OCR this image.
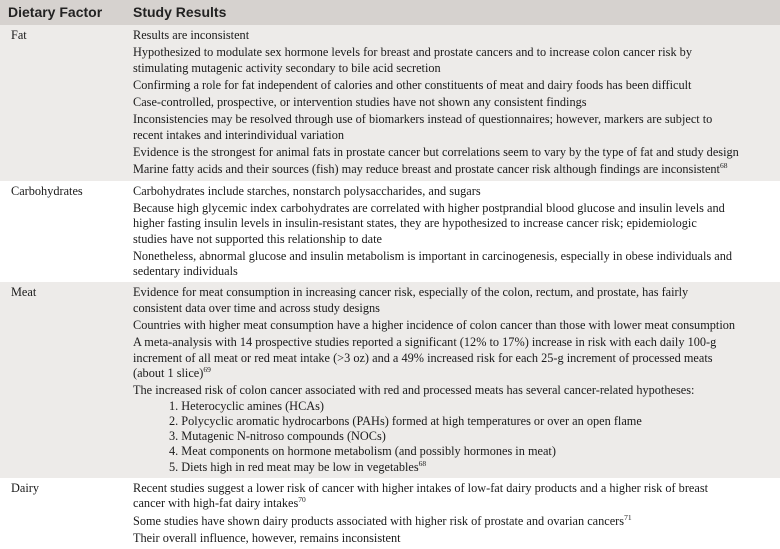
Dietary Factor Study Results
Fat	Results are inconsistent
Hypothesized to modulate sex hormone levels for breast and prostate cancers and to increase colon cancer risk by
stimulating mutagenic activity secondary to bile acid secretion
Confirming a role for fat independent of calories and other constituents of meat and dairy foods has been difficult
Case-controlled, prospective, or intervention studies have not shown any consistent findings
Inconsistencies may be resolved through use of biomarkers instead of questionnaires; however, markers are subject to
recent intakes and interindividual variation
Evidence is the strongest for animal fats in prostate cancer but correlations seem to vary by the type of fat and study design
Marine fatty acids and their sources (fish) may reduce breast and prostate cancer risk although findings are inconsistent$^{68}$
Carbohydrates	Carbohydrates include starches, nonstarch polysaccharides, and sugars
Because high glycemic index carbohydrates are correlated with higher postprandial blood glucose and insulin levels and
higher fasting insulin levels in insulin-resistant states, they are hypothesized to increase cancer risk; epidemiologic
studies have not supported this relationship to date
Nonetheless, abnormal glucose and insulin metabolism is important in carcinogenesis, especially in obese individuals and
sedentary individuals
Meat	Evidence for meat consumption in increasing cancer risk, especially of the colon, rectum, and prostate, has fairly
consistent data over time and across study designs
Countries with higher meat consumption have a higher incidence of colon cancer than those with lower meat consumption
A meta-analysis with 14 prospective studies reported a significant (12% to 17%) increase in risk with each daily 100-g
increment of all meat or red meat intake (>3 oz) and a 49% increased risk for each 25-g increment of processed meats
(about 1 slice)$^{69}$
The increased risk of colon cancer associated with red and processed meats has several cancer-related hypotheses:
1. Heterocyclic amines (HCAs)
2. Polycyclic aromatic hydrocarbons (PAHs) formed at high temperatures or over an open flame
3. Mutagenic N-nitroso compounds (NOCs)
4. Meat components on hormone metabolism (and possibly hormones in meat)
5. Diets high in red meat may be low in vegetables$^{68}$
Dairy	Recent studies suggest a lower risk of cancer with higher intakes of low-fat dairy products and a higher risk of breast
cancer with high-fat dairy intakes$^{70}$
Some studies have shown dairy products associated with higher risk of prostate and ovarian cancers$^{71}$
Their overall influence, however, remains inconsistent
